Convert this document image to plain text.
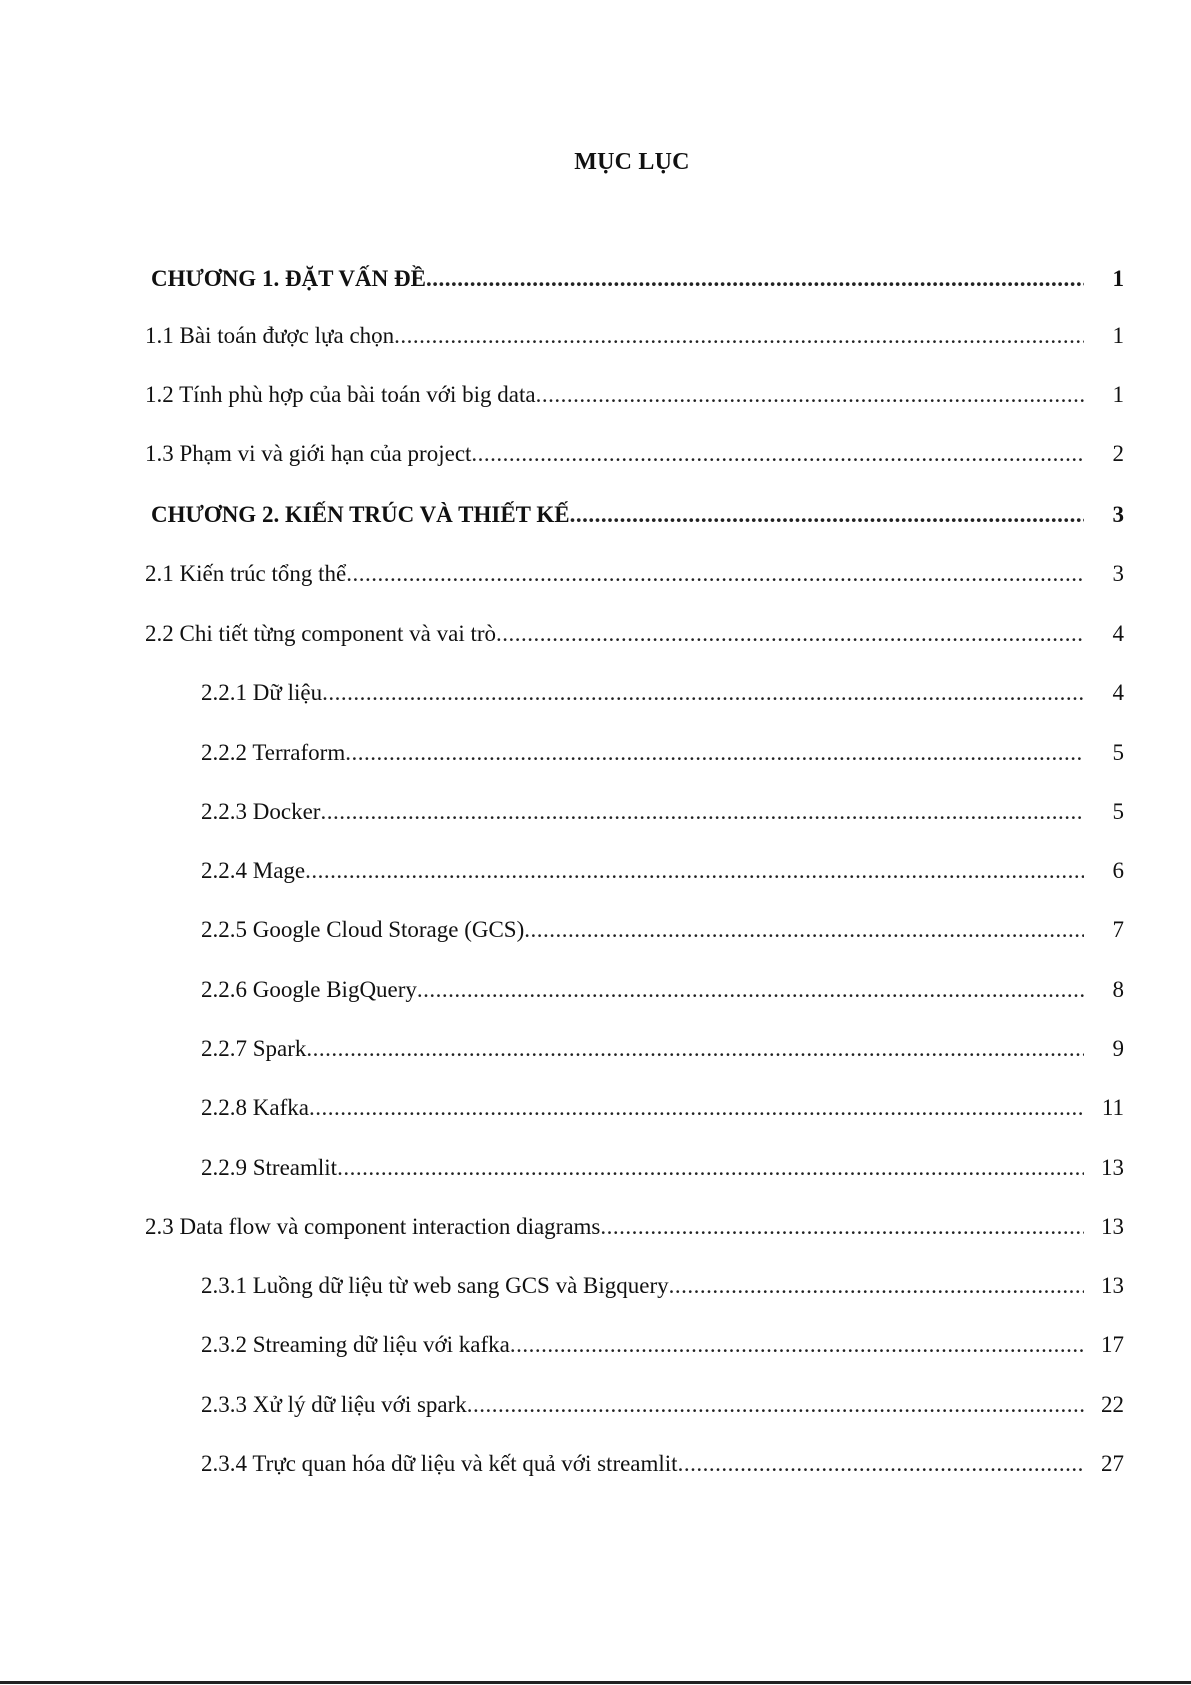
MỤC LỤC
CHƯƠNG 1. ĐẶT VẤN ĐỀ .....	1
1.1 Bài toán được lựa chọn .....	1
1.2 Tính phù hợp của bài toán với big data .....	1
1.3 Phạm vi và giới hạn của project .....	2
CHƯƠNG 2. KIẾN TRÚC VÀ THIẾT KẾ .....	3
2.1 Kiến trúc tổng thể .....	3
2.2 Chi tiết từng component và vai trò .....	4
2.2.1 Dữ liệu .....	4
2.2.2 Terraform .....	5
2.2.3 Docker .....	5
2.2.4 Mage .....	6
2.2.5 Google Cloud Storage (GCS) .....	7
2.2.6 Google BigQuery .....	8
2.2.7 Spark .....	9
2.2.8 Kafka .....	11
2.2.9 Streamlit .....	13
2.3 Data flow và component interaction diagrams .....	13
2.3.1 Luồng dữ liệu từ web sang GCS và Bigquery .....	13
2.3.2 Streaming dữ liệu với kafka .....	17
2.3.3 Xử lý dữ liệu với spark .....	22
2.3.4 Trực quan hóa dữ liệu và kết quả với streamlit .....	27
